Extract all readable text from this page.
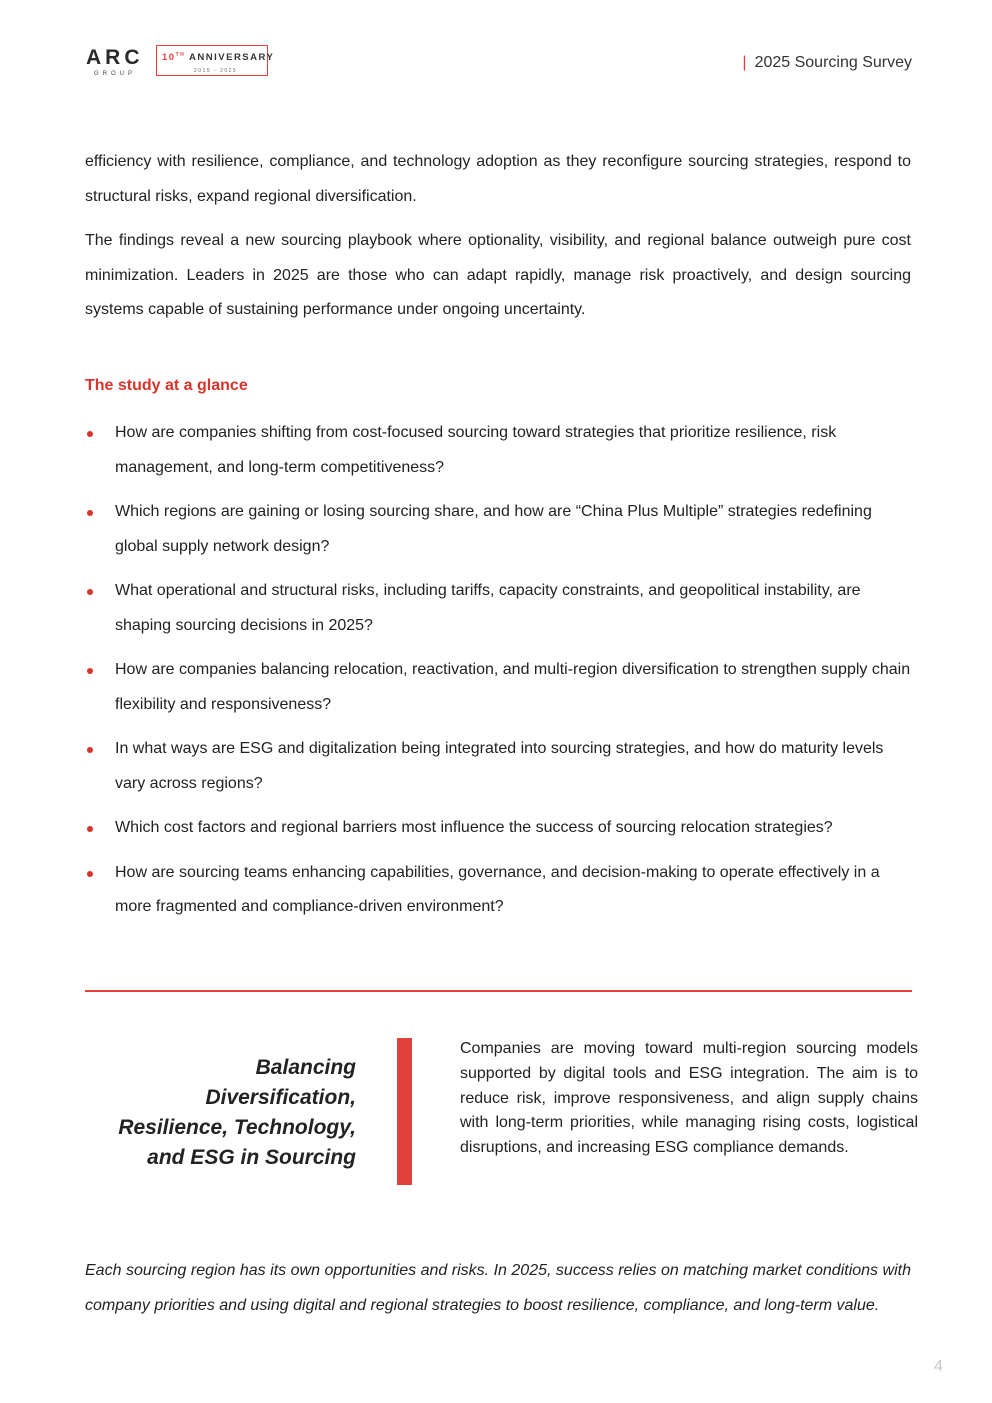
ARC
GROUP
10TH ANNIVERSARY
2015 - 2025	| 2025 Sourcing Survey

efficiency with resilience, compliance, and technology adoption as they reconfigure sourcing strategies, respond to structural risks, expand regional diversification.

The findings reveal a new sourcing playbook where optionality, visibility, and regional balance outweigh pure cost minimization. Leaders in 2025 are those who can adapt rapidly, manage risk proactively, and design sourcing systems capable of sustaining performance under ongoing uncertainty.

The study at a glance
How are companies shifting from cost-focused sourcing toward strategies that prioritize resilience, risk management, and long-term competitiveness?
Which regions are gaining or losing sourcing share, and how are “China Plus Multiple” strategies redefining global supply network design?
What operational and structural risks, including tariffs, capacity constraints, and geopolitical instability, are shaping sourcing decisions in 2025?
How are companies balancing relocation, reactivation, and multi-region diversification to strengthen supply chain flexibility and responsiveness?
In what ways are ESG and digitalization being integrated into sourcing strategies, and how do maturity levels vary across regions?
Which cost factors and regional barriers most influence the success of sourcing relocation strategies?
How are sourcing teams enhancing capabilities, governance, and decision-making to operate effectively in a more fragmented and compliance-driven environment?
Balancing
Diversification,
Resilience, Technology,
and ESG in Sourcing

Companies are moving toward multi-region sourcing models supported by digital tools and ESG integration. The aim is to reduce risk, improve responsiveness, and align supply chains with long-term priorities, while managing rising costs, logistical disruptions, and increasing ESG compliance demands.

Each sourcing region has its own opportunities and risks. In 2025, success relies on matching market conditions with company priorities and using digital and regional strategies to boost resilience, compliance, and long-term value.

4
